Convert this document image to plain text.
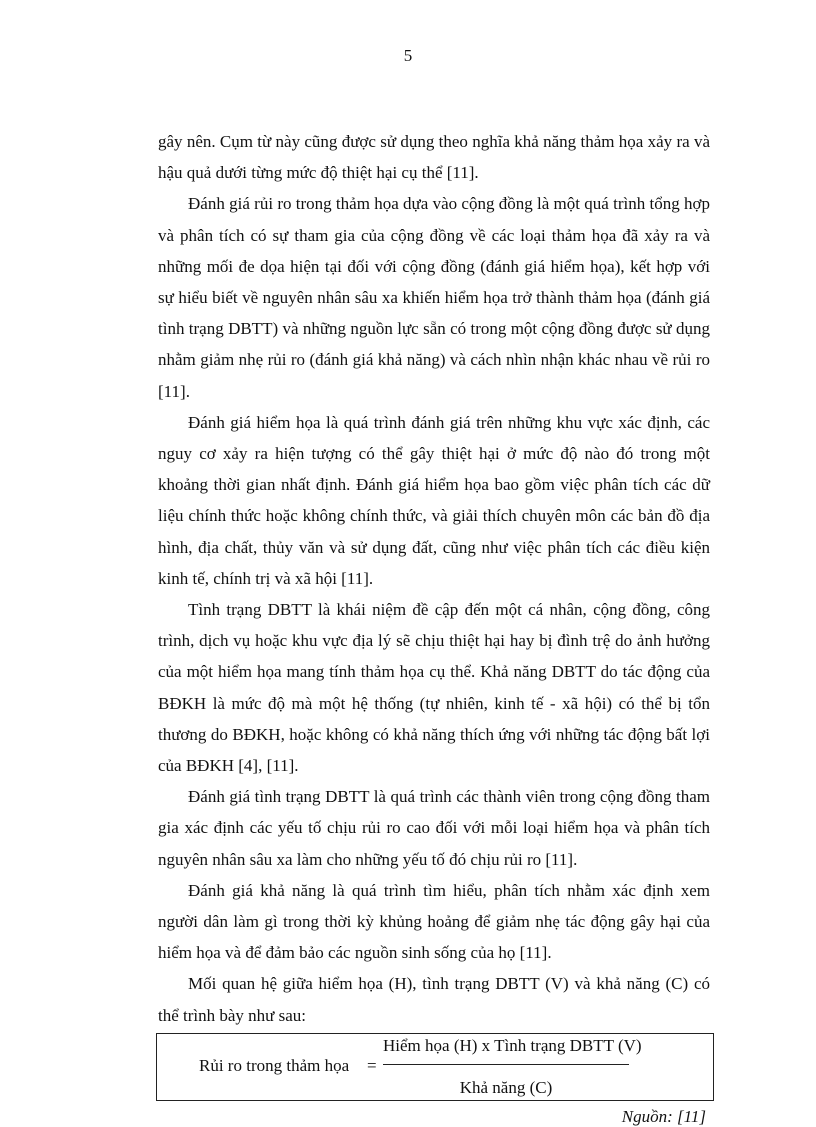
5

gây nên. Cụm từ này cũng được sử dụng theo nghĩa khả năng thảm họa xảy ra và hậu quả dưới từng mức độ thiệt hại cụ thể [11].

Đánh giá rủi ro trong thảm họa dựa vào cộng đồng là một quá trình tổng hợp và phân tích có sự tham gia của cộng đồng về các loại thảm họa đã xảy ra và những mối đe dọa hiện tại đối với cộng đồng (đánh giá hiểm họa), kết hợp với sự hiểu biết về nguyên nhân sâu xa khiến hiểm họa trở thành thảm họa (đánh giá tình trạng DBTT) và những nguồn lực sẵn có trong một cộng đồng được sử dụng nhằm giảm nhẹ rủi ro (đánh giá khả năng) và cách nhìn nhận khác nhau về rủi ro [11].

Đánh giá hiểm họa là quá trình đánh giá trên những khu vực xác định, các nguy cơ xảy ra hiện tượng có thể gây thiệt hại ở mức độ nào đó trong một khoảng thời gian nhất định. Đánh giá hiểm họa bao gồm việc phân tích các dữ liệu chính thức hoặc không chính thức, và giải thích chuyên môn các bản đồ địa hình, địa chất, thủy văn và sử dụng đất, cũng như việc phân tích các điều kiện kinh tế, chính trị và xã hội [11].

Tình trạng DBTT là khái niệm đề cập đến một cá nhân, cộng đồng, công trình, dịch vụ hoặc khu vực địa lý sẽ chịu thiệt hại hay bị đình trệ do ảnh hưởng của một hiểm họa mang tính thảm họa cụ thể. Khả năng DBTT do tác động của BĐKH là mức độ mà một hệ thống (tự nhiên, kinh tế - xã hội) có thể bị tổn thương do BĐKH, hoặc không có khả năng thích ứng với những tác động bất lợi của BĐKH [4], [11].

Đánh giá tình trạng DBTT là quá trình các thành viên trong cộng đồng tham gia xác định các yếu tố chịu rủi ro cao đối với mỗi loại hiểm họa và phân tích nguyên nhân sâu xa làm cho những yếu tố đó chịu rủi ro [11].

Đánh giá khả năng là quá trình tìm hiểu, phân tích nhằm xác định xem người dân làm gì trong thời kỳ khủng hoảng để giảm nhẹ tác động gây hại của hiểm họa và để đảm bảo các nguồn sinh sống của họ [11].

Mối quan hệ giữa hiểm họa (H), tình trạng DBTT (V) và khả năng (C) có thể trình bày như sau:

Rủi ro trong thảm họa =
Hiểm họa (H) x Tình trạng DBTT (V)
Khả năng (C)
Nguồn: [11]
